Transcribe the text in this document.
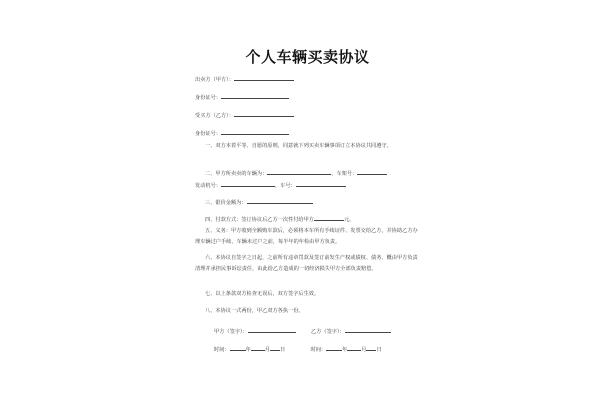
个人车辆买卖协议
出卖方（甲方）：
身份证号：
受买方（乙方）：
身份证号：
一、双方本着平等、自愿的原则，同意就下列买卖车辆事项订立本协议共同遵守。
二、甲方所卖卖的车辆为：	，车架号：
发动机号：	，车号：
三、银价金额为：
四、付款方式：签订协议后乙方一次性付给甲方	元。
五、义务：甲方收到全额购车款后，必须将本车所有手续证件、发票交给乙方，并协助乙方办理车辆过户手续，车辆未过户之前，每半年的年检由甲方负责。
六、本协议自签字之日起，之前所有违章罚款及签订前发生产权或债权、债务、概由甲方负责清理并承担民事诉讼责任，由此给乙方造成的一切经济损失甲方全部负责赔偿。
七、以上条款双方检查无误后，双方签字后生效。
八、本协议一式两份，甲乙双方各执一份。
甲方（签字）：	乙方（签字）：
时间：	年	月 日	时间：	年	月 日
